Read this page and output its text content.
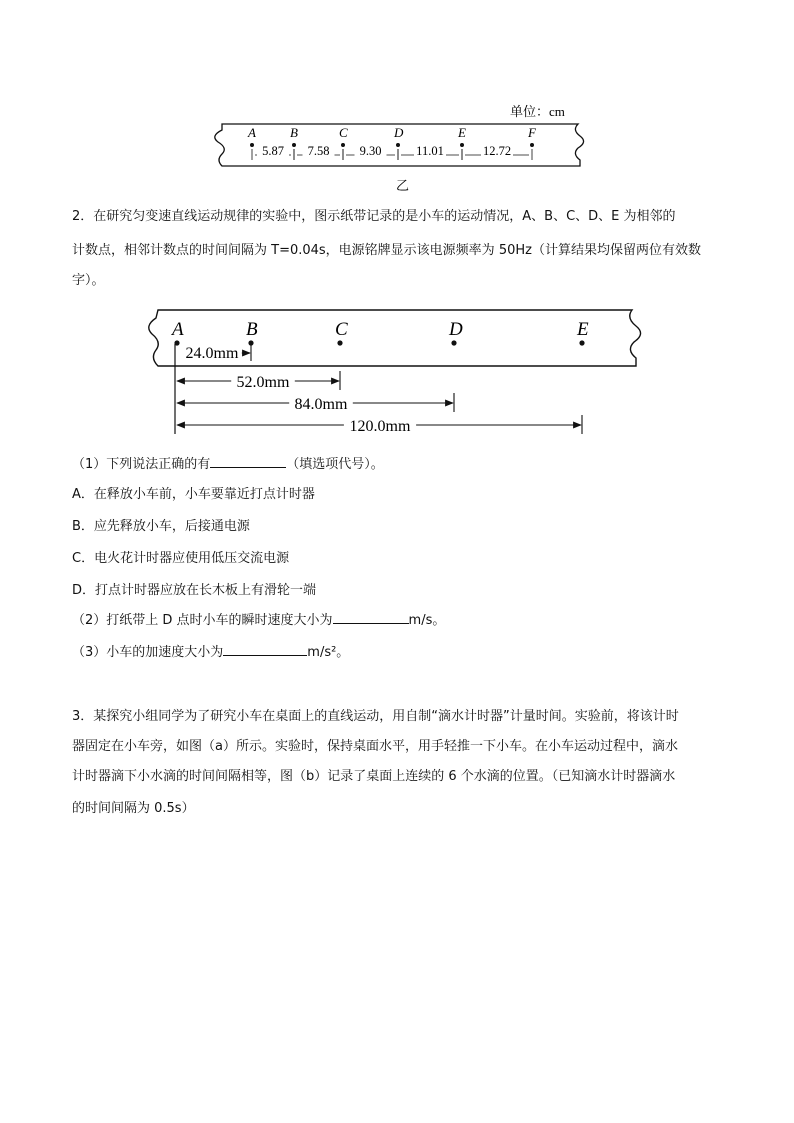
单位：cm
A	B	C	D	E	F
5.87 7.58 9.30	11.01	12.72
乙
2．在研究匀变速直线运动规律的实验中，图示纸带记录的是小车的运动情况，A、B、C、D、E 为相邻的
计数点，相邻计数点的时间间隔为 T=0.04s，电源铭牌显示该电源频率为 50Hz（计算结果均保留两位有效数
字）。
A	B	C	D	E
24.0mm
52.0mm
84.0mm
120.0mm
（1）下列说法正确的有	（填选项代号）。
A．在释放小车前，小车要靠近打点计时器
B．应先释放小车，后接通电源
C．电火花计时器应使用低压交流电源
D．打点计时器应放在长木板上有滑轮一端
（2）打纸带上 D 点时小车的瞬时速度大小为	m/s。
（3）小车的加速度大小为	m/s²。
3．某探究小组同学为了研究小车在桌面上的直线运动，用自制“滴水计时器”计量时间。实验前，将该计时
器固定在小车旁，如图（a）所示。实验时，保持桌面水平，用手轻推一下小车。在小车运动过程中，滴水
计时器滴下小水滴的时间间隔相等，图（b）记录了桌面上连续的 6 个水滴的位置。（已知滴水计时器滴水
的时间间隔为 0.5s）
